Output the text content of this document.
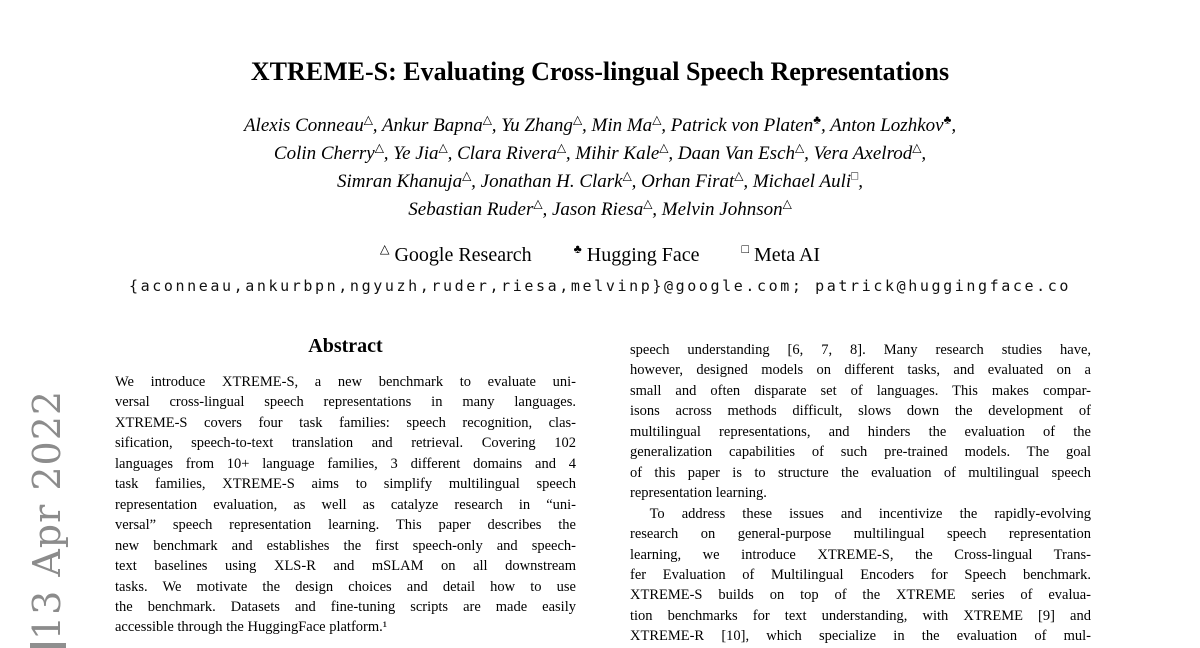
13 Apr 2022
XTREME-S: Evaluating Cross-lingual Speech Representations
Alexis Conneau△, Ankur Bapna△, Yu Zhang△, Min Ma△, Patrick von Platen♣, Anton Lozhkov♣,
Colin Cherry△, Ye Jia△, Clara Rivera△, Mihir Kale△, Daan Van Esch△, Vera Axelrod△,
Simran Khanuja△, Jonathan H. Clark△, Orhan Firat△, Michael Auli□,
Sebastian Ruder△, Jason Riesa△, Melvin Johnson△
△ Google Research	♣ Hugging Face	□ Meta AI
{aconneau,ankurbpn,ngyuzh,ruder,riesa,melvinp}@google.com; patrick@huggingface.co
Abstract
We introduce XTREME-S, a new benchmark to evaluate uni-
versal cross-lingual speech representations in many languages.
XTREME-S covers four task families: speech recognition, clas-
sification, speech-to-text translation and retrieval. Covering 102
languages from 10+ language families, 3 different domains and 4
task families, XTREME-S aims to simplify multilingual speech
representation evaluation, as well as catalyze research in “uni-
versal” speech representation learning. This paper describes the
new benchmark and establishes the first speech-only and speech-
text baselines using XLS-R and mSLAM on all downstream
tasks. We motivate the design choices and detail how to use
the benchmark. Datasets and fine-tuning scripts are made easily
accessible through the HuggingFace platform.¹
speech understanding [6, 7, 8]. Many research studies have,
however, designed models on different tasks, and evaluated on a
small and often disparate set of languages. This makes compar-
isons across methods difficult, slows down the development of
multilingual representations, and hinders the evaluation of the
generalization capabilities of such pre-trained models. The goal
of this paper is to structure the evaluation of multilingual speech
representation learning.
To address these issues and incentivize the rapidly-evolving
research on general-purpose multilingual speech representation
learning, we introduce XTREME-S, the Cross-lingual Trans-
fer Evaluation of Multilingual Encoders for Speech benchmark.
XTREME-S builds on top of the XTREME series of evalua-
tion benchmarks for text understanding, with XTREME [9] and
XTREME-R [10], which specialize in the evaluation of mul-
